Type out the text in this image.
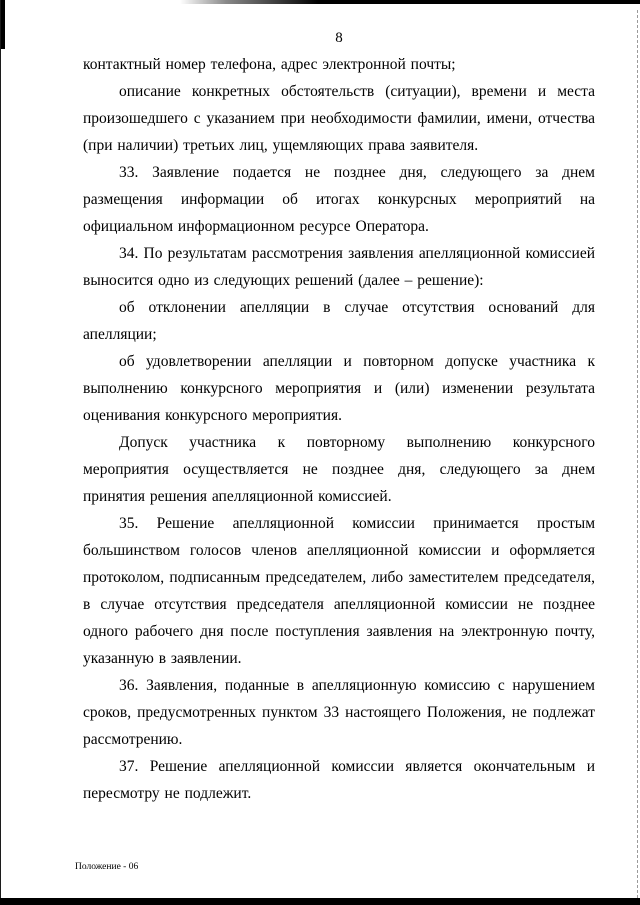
8

контактный номер телефона, адрес электронной почты;

описание конкретных обстоятельств (ситуации), времени и места произошедшего с указанием при необходимости фамилии, имени, отчества (при наличии) третьих лиц, ущемляющих права заявителя.

33. Заявление подается не позднее дня, следующего за днем размещения информации об итогах конкурсных мероприятий на официальном информационном ресурсе Оператора.

34. По результатам рассмотрения заявления апелляционной комиссией выносится одно из следующих решений (далее – решение):

об отклонении апелляции в случае отсутствия оснований для апелляции;

об удовлетворении апелляции и повторном допуске участника к выполнению конкурсного мероприятия и (или) изменении результата оценивания конкурсного мероприятия.

Допуск участника к повторному выполнению конкурсного мероприятия осуществляется не позднее дня, следующего за днем принятия решения апелляционной комиссией.

35. Решение апелляционной комиссии принимается простым большинством голосов членов апелляционной комиссии и оформляется протоколом, подписанным председателем, либо заместителем председателя, в случае отсутствия председателя апелляционной комиссии не позднее одного рабочего дня после поступления заявления на электронную почту, указанную в заявлении.

36. Заявления, поданные в апелляционную комиссию с нарушением сроков, предусмотренных пунктом 33 настоящего Положения, не подлежат рассмотрению.

37. Решение апелляционной комиссии является окончательным и пересмотру не подлежит.

Положение - 06
